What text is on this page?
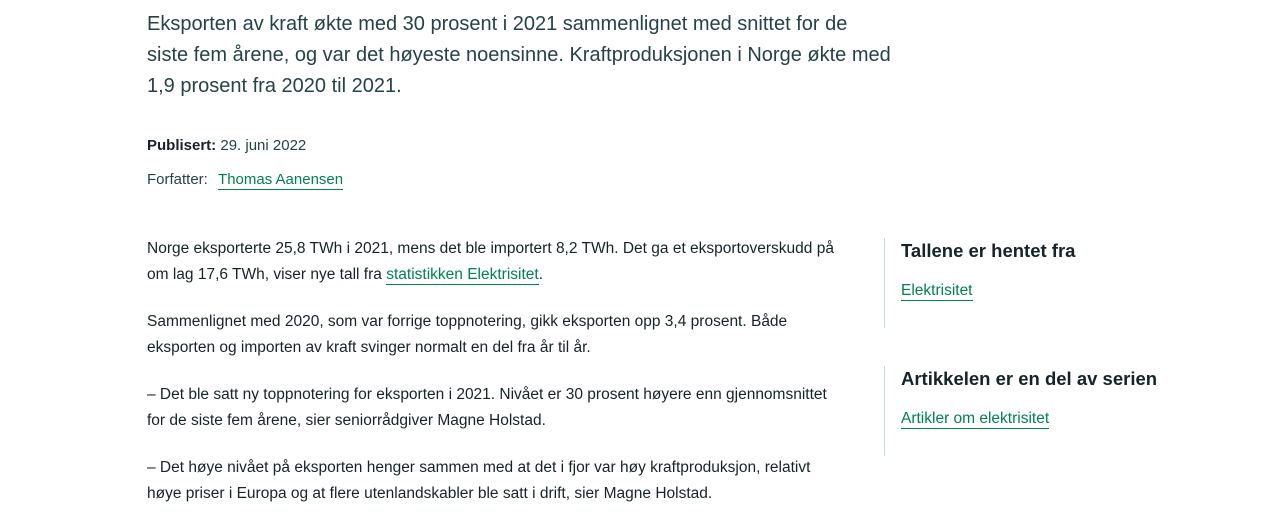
Eksporten av kraft økte med 30 prosent i 2021 sammenlignet med snittet for de siste fem årene, og var det høyeste noensinne. Kraftproduksjonen i Norge økte med 1,9 prosent fra 2020 til 2021.

Publisert: 29. juni 2022
Forfatter: Thomas Aanensen

Norge eksporterte 25,8 TWh i 2021, mens det ble importert 8,2 TWh. Det ga et eksportoverskudd på om lag 17,6 TWh, viser nye tall fra statistikken Elektrisitet.

Sammenlignet med 2020, som var forrige toppnotering, gikk eksporten opp 3,4 prosent. Både eksporten og importen av kraft svinger normalt en del fra år til år.

– Det ble satt ny toppnotering for eksporten i 2021. Nivået er 30 prosent høyere enn gjennomsnittet for de siste fem årene, sier seniorrådgiver Magne Holstad.

– Det høye nivået på eksporten henger sammen med at det i fjor var høy kraftproduksjon, relativt høye priser i Europa og at flere utenlandskabler ble satt i drift, sier Magne Holstad.

Tallene er hentet fra
Elektrisitet
Artikkelen er en del av serien
Artikler om elektrisitet
